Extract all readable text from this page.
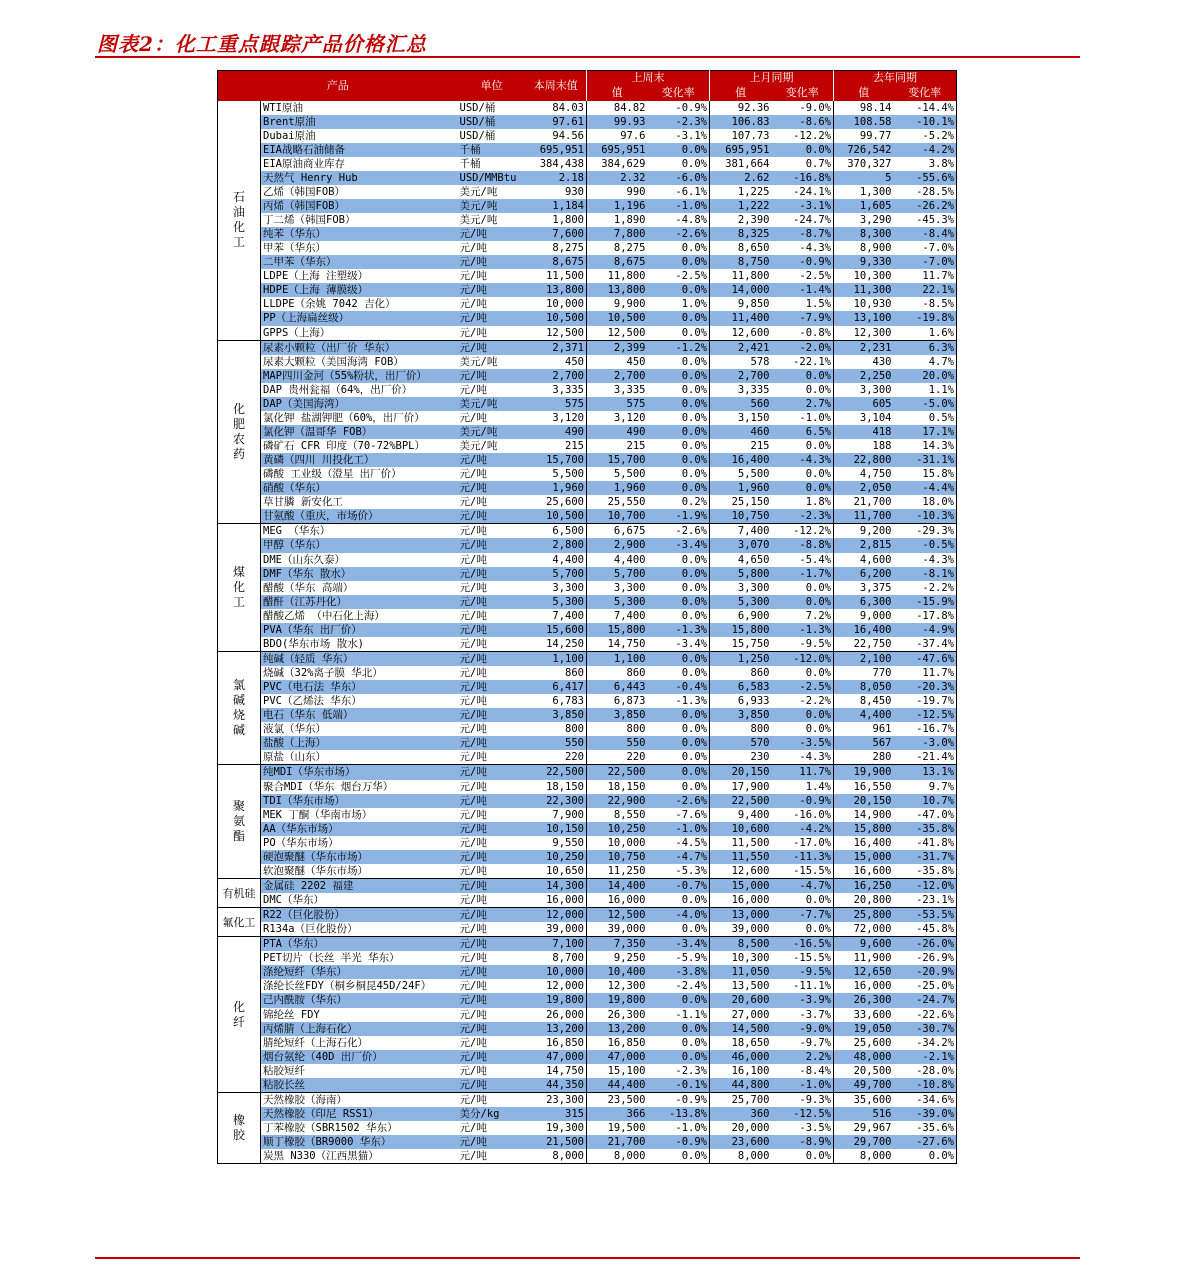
图表2：化工重点跟踪产品价格汇总
产品		单位	本周末值	上周末		上月同期		去年同期	
				值	变化率	值	变化率	值	变化率
石油化工	WTI原油	USD/桶	84.03	84.82	-0.9%	92.36	-9.0%	98.14	-14.4%
	Brent原油	USD/桶	97.61	99.93	-2.3%	106.83	-8.6%	108.58	-10.1%
	Dubai原油	USD/桶	94.56	97.6	-3.1%	107.73	-12.2%	99.77	-5.2%
	EIA战略石油储备	千桶	695,951	695,951	0.0%	695,951	0.0%	726,542	-4.2%
	EIA原油商业库存	千桶	384,438	384,629	0.0%	381,664	0.7%	370,327	3.8%
	天然气 Henry Hub	USD/MMBtu	2.18	2.32	-6.0%	2.62	-16.8%	5	-55.6%
	乙烯（韩国FOB）	美元/吨	930	990	-6.1%	1,225	-24.1%	1,300	-28.5%
	丙烯（韩国FOB）	美元/吨	1,184	1,196	-1.0%	1,222	-3.1%	1,605	-26.2%
	丁二烯（韩国FOB）	美元/吨	1,800	1,890	-4.8%	2,390	-24.7%	3,290	-45.3%
	纯苯（华东）	元/吨	7,600	7,800	-2.6%	8,325	-8.7%	8,300	-8.4%
	甲苯（华东）	元/吨	8,275	8,275	0.0%	8,650	-4.3%	8,900	-7.0%
	二甲苯（华东）	元/吨	8,675	8,675	0.0%	8,750	-0.9%	9,330	-7.0%
	LDPE（上海 注塑级）	元/吨	11,500	11,800	-2.5%	11,800	-2.5%	10,300	11.7%
	HDPE（上海 薄膜级）	元/吨	13,800	13,800	0.0%	14,000	-1.4%	11,300	22.1%
	LLDPE（余姚 7042 吉化）	元/吨	10,000	9,900	1.0%	9,850	1.5%	10,930	-8.5%
	PP（上海扁丝级）	元/吨	10,500	10,500	0.0%	11,400	-7.9%	13,100	-19.8%
	GPPS（上海）	元/吨	12,500	12,500	0.0%	12,600	-0.8%	12,300	1.6%
化肥农药	尿素小颗粒（出厂价 华东）	元/吨	2,371	2,399	-1.2%	2,421	-2.0%	2,231	6.3%
	尿素大颗粒（美国海湾 FOB）	美元/吨	450	450	0.0%	578	-22.1%	430	4.7%
	MAP四川金河（55%粉状，出厂价）	元/吨	2,700	2,700	0.0%	2,700	0.0%	2,250	20.0%
	DAP 贵州瓮福（64%，出厂价）	元/吨	3,335	3,335	0.0%	3,335	0.0%	3,300	1.1%
	DAP（美国海湾）	美元/吨	575	575	0.0%	560	2.7%	605	-5.0%
	氯化钾 盐湖钾肥（60%，出厂价）	元/吨	3,120	3,120	0.0%	3,150	-1.0%	3,104	0.5%
	氯化钾（温哥华 FOB）	美元/吨	490	490	0.0%	460	6.5%	418	17.1%
	磷矿石 CFR 印度（70-72%BPL）	美元/吨	215	215	0.0%	215	0.0%	188	14.3%
	黄磷（四川 川投化工）	元/吨	15,700	15,700	0.0%	16,400	-4.3%	22,800	-31.1%
	磷酸 工业级（澄星 出厂价）	元/吨	5,500	5,500	0.0%	5,500	0.0%	4,750	15.8%
	硝酸（华东）	元/吨	1,960	1,960	0.0%	1,960	0.0%	2,050	-4.4%
	草甘膦 新安化工	元/吨	25,600	25,550	0.2%	25,150	1.8%	21,700	18.0%
	甘氨酸（重庆，市场价）	元/吨	10,500	10,700	-1.9%	10,750	-2.3%	11,700	-10.3%
煤化工	MEG （华东）	元/吨	6,500	6,675	-2.6%	7,400	-12.2%	9,200	-29.3%
	甲醇（华东）	元/吨	2,800	2,900	-3.4%	3,070	-8.8%	2,815	-0.5%
	DME（山东久泰）	元/吨	4,400	4,400	0.0%	4,650	-5.4%	4,600	-4.3%
	DMF（华东 散水）	元/吨	5,700	5,700	0.0%	5,800	-1.7%	6,200	-8.1%
	醋酸（华东 高端）	元/吨	3,300	3,300	0.0%	3,300	0.0%	3,375	-2.2%
	醋酐（江苏丹化）	元/吨	5,300	5,300	0.0%	5,300	0.0%	6,300	-15.9%
	醋酸乙烯 （中石化上海）	元/吨	7,400	7,400	0.0%	6,900	7.2%	9,000	-17.8%
	PVA（华东 出厂价）	元/吨	15,600	15,800	-1.3%	15,800	-1.3%	16,400	-4.9%
	BDO(华东市场 散水)	元/吨	14,250	14,750	-3.4%	15,750	-9.5%	22,750	-37.4%
氯碱烧碱	纯碱（轻质 华东）	元/吨	1,100	1,100	0.0%	1,250	-12.0%	2,100	-47.6%
	烧碱（32%离子膜 华北）	元/吨	860	860	0.0%	860	0.0%	770	11.7%
	PVC（电石法 华东）	元/吨	6,417	6,443	-0.4%	6,583	-2.5%	8,050	-20.3%
	PVC（乙烯法 华东）	元/吨	6,783	6,873	-1.3%	6,933	-2.2%	8,450	-19.7%
	电石（华东 低端）	元/吨	3,850	3,850	0.0%	3,850	0.0%	4,400	-12.5%
	液氯（华东）	元/吨	800	800	0.0%	800	0.0%	961	-16.7%
	盐酸（上海）	元/吨	550	550	0.0%	570	-3.5%	567	-3.0%
	原盐（山东）	元/吨	220	220	0.0%	230	-4.3%	280	-21.4%
聚氨酯	纯MDI（华东市场）	元/吨	22,500	22,500	0.0%	20,150	11.7%	19,900	13.1%
	聚合MDI（华东 烟台万华）	元/吨	18,150	18,150	0.0%	17,900	1.4%	16,550	9.7%
	TDI（华东市场）	元/吨	22,300	22,900	-2.6%	22,500	-0.9%	20,150	10.7%
	MEK 丁酮（华南市场）	元/吨	7,900	8,550	-7.6%	9,400	-16.0%	14,900	-47.0%
	AA（华东市场）	元/吨	10,150	10,250	-1.0%	10,600	-4.2%	15,800	-35.8%
	PO（华东市场）	元/吨	9,550	10,000	-4.5%	11,500	-17.0%	16,400	-41.8%
	硬泡聚醚（华东市场）	元/吨	10,250	10,750	-4.7%	11,550	-11.3%	15,000	-31.7%
	软泡聚醚（华东市场）	元/吨	10,650	11,250	-5.3%	12,600	-15.5%	16,600	-35.8%
有机硅	金属硅 2202 福建	元/吨	14,300	14,400	-0.7%	15,000	-4.7%	16,250	-12.0%
	DMC（华东）	元/吨	16,000	16,000	0.0%	16,000	0.0%	20,800	-23.1%
氟化工	R22（巨化股份）	元/吨	12,000	12,500	-4.0%	13,000	-7.7%	25,800	-53.5%
	R134a（巨化股份）	元/吨	39,000	39,000	0.0%	39,000	0.0%	72,000	-45.8%
化纤	PTA（华东）	元/吨	7,100	7,350	-3.4%	8,500	-16.5%	9,600	-26.0%
	PET切片（长丝 半光 华东）	元/吨	8,700	9,250	-5.9%	10,300	-15.5%	11,900	-26.9%
	涤纶短纤（华东）	元/吨	10,000	10,400	-3.8%	11,050	-9.5%	12,650	-20.9%
	涤纶长丝FDY（桐乡桐昆45D/24F）	元/吨	12,000	12,300	-2.4%	13,500	-11.1%	16,000	-25.0%
	己内酰胺（华东）	元/吨	19,800	19,800	0.0%	20,600	-3.9%	26,300	-24.7%
	锦纶丝 FDY	元/吨	26,000	26,300	-1.1%	27,000	-3.7%	33,600	-22.6%
	丙烯腈（上海石化）	元/吨	13,200	13,200	0.0%	14,500	-9.0%	19,050	-30.7%
	腈纶短纤（上海石化）	元/吨	16,850	16,850	0.0%	18,650	-9.7%	25,600	-34.2%
	烟台氨纶（40D 出厂价）	元/吨	47,000	47,000	0.0%	46,000	2.2%	48,000	-2.1%
	粘胶短纤	元/吨	14,750	15,100	-2.3%	16,100	-8.4%	20,500	-28.0%
	粘胶长丝	元/吨	44,350	44,400	-0.1%	44,800	-1.0%	49,700	-10.8%
橡胶	天然橡胶（海南）	元/吨	23,300	23,500	-0.9%	25,700	-9.3%	35,600	-34.6%
	天然橡胶（印尼 RSS1）	美分/kg	315	366	-13.8%	360	-12.5%	516	-39.0%
	丁苯橡胶（SBR1502 华东）	元/吨	19,300	19,500	-1.0%	20,000	-3.5%	29,967	-35.6%
	顺丁橡胶（BR9000 华东）	元/吨	21,500	21,700	-0.9%	23,600	-8.9%	29,700	-27.6%
	炭黑 N330（江西黑猫）	元/吨	8,000	8,000	0.0%	8,000	0.0%	8,000	0.0%
